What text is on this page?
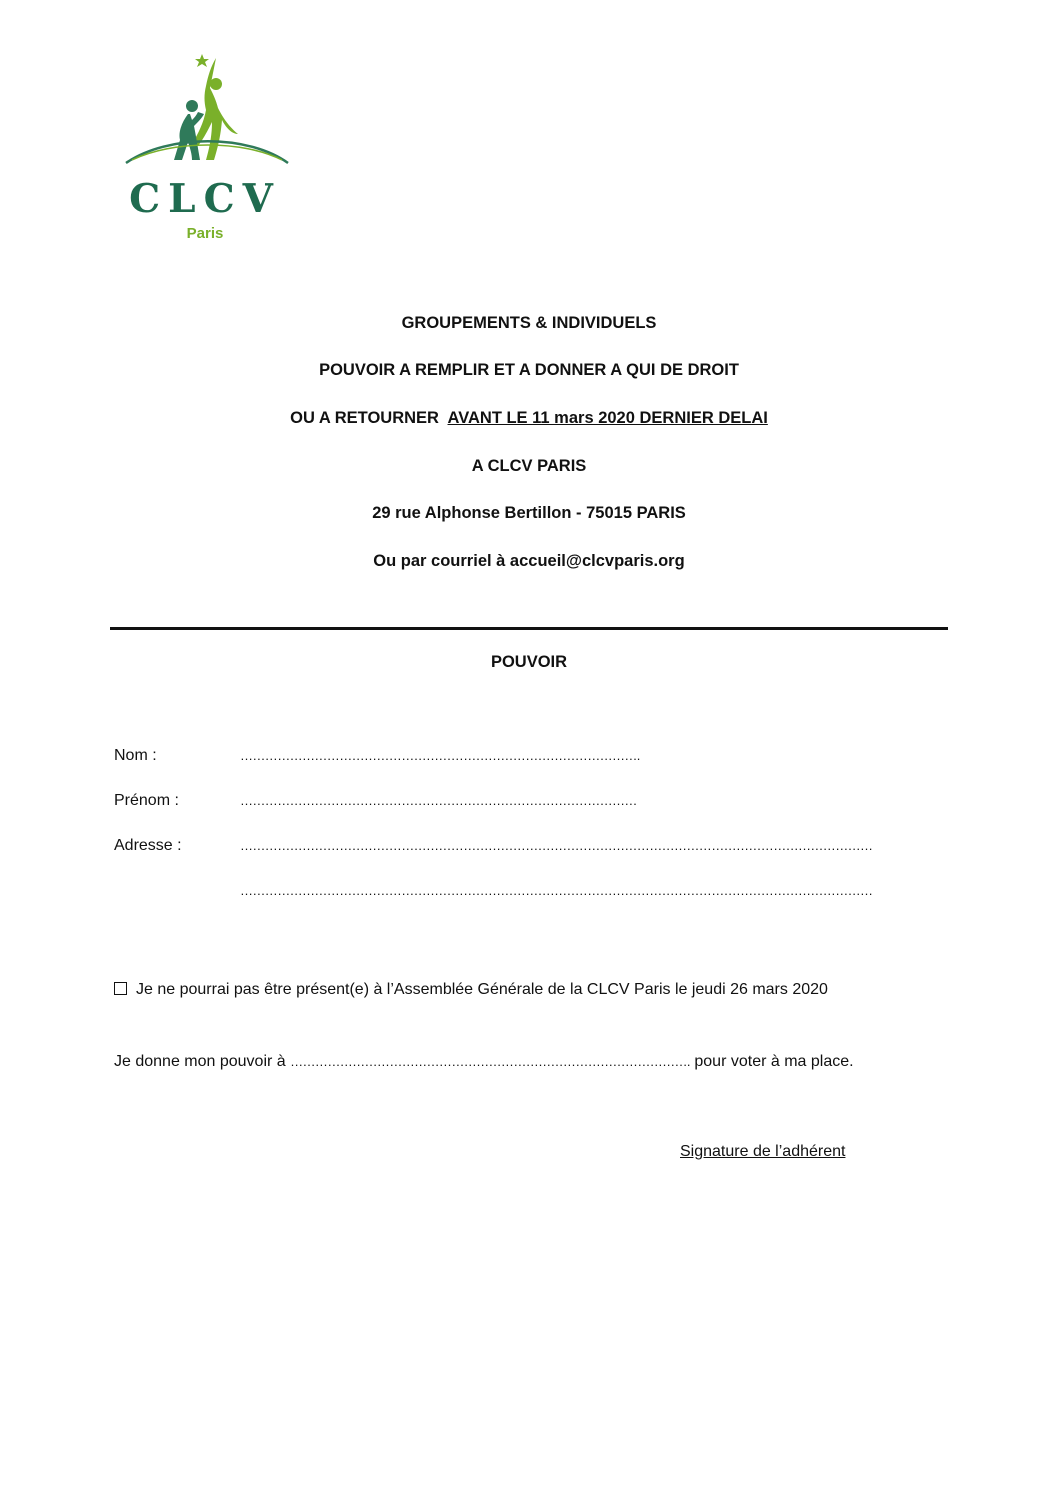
CLCV
Paris
GROUPEMENTS & INDIVIDUELS
POUVOIR A REMPLIR ET A DONNER A QUI DE DROIT
OU A RETOURNER  AVANT LE 11 mars 2020 DERNIER DELAI
A CLCV PARIS
29 rue Alphonse Bertillon - 75015 PARIS
Ou par courriel à accueil@clcvparis.org
POUVOIR
Nom :	…………………………………………………………………………………….
Prénom :	……………………………………………………………………………………
Adresse :	………………………………………………………………………………………………………………………………………
………………………………………………………………………………………………………………………………………
Je ne pourrai pas être présent(e) à l’Assemblée Générale de la CLCV Paris le jeudi 26 mars 2020
Je donne mon pouvoir à ……………………………………………………………………………………. pour voter à ma place.
Signature de l’adhérent
